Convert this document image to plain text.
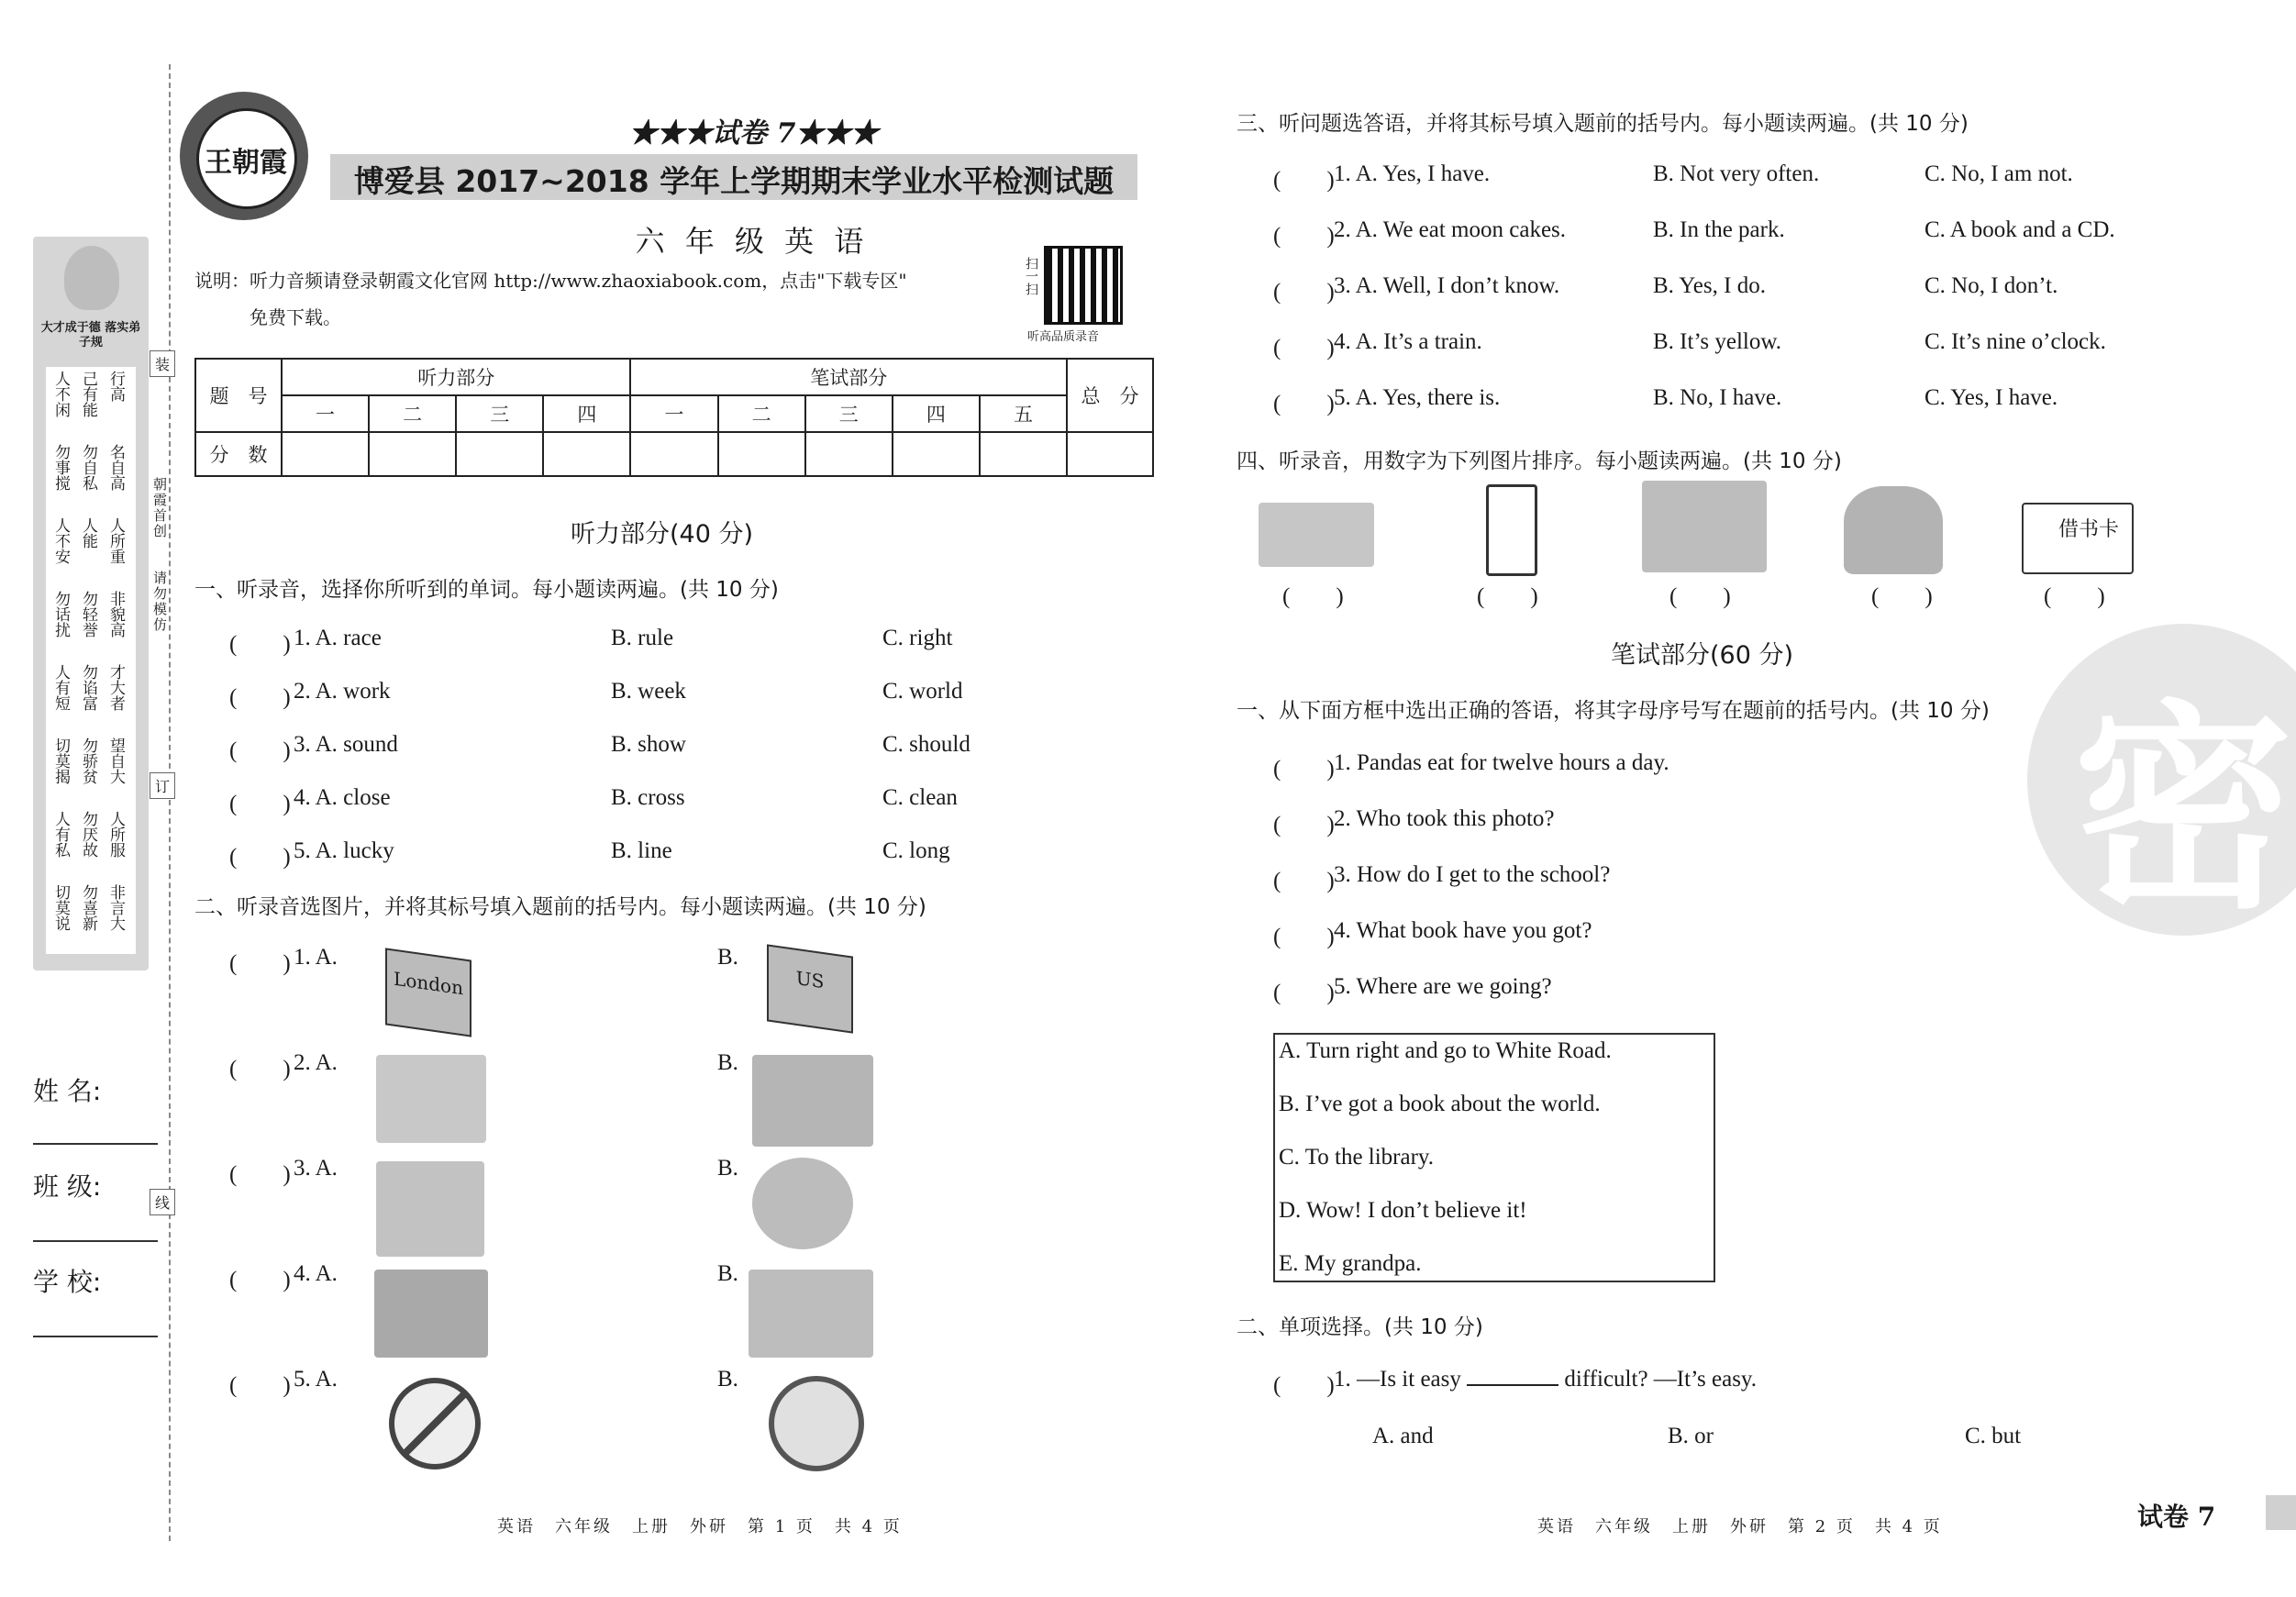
大才成于德 落实弟子规
人不闲 己有能 行高
勿事搅 勿自私 名自高
人不安 人能 人所重
勿话扰 勿轻誉 非貌高
人有短 勿谄富 才大者
切莫揭 勿骄贫 望自大
人有私 勿厌故 人所服
切莫说 勿喜新 非言大
装
订
线
朝霞首创
请勿模仿
姓 名:
班 级:
学 校:
王朝霞
★★★试卷 7★★★
博爱县 2017~2018 学年上学期期末学业水平检测试题
六 年 级 英 语
说明：听力音频请登录朝霞文化官网 http://www.zhaoxiabook.com，点击"下载专区"
免费下载。
扫一扫
听高品质录音
题　号	听力部分				笔试部分					总　分
	一	二	三	四	一	二	三	四	五	
分　数										
听力部分(40 分)
一、听录音，选择你所听到的单词。每小题读两遍。(共 10 分)
(　　) 1. A. race	B. rule	C. right
(　　) 2. A. work	B. week	C. world
(　　) 3. A. sound	B. show	C. should
(　　) 4. A. close	B. cross	C. clean
(　　) 5. A. lucky	B. line	C. long
二、听录音选图片，并将其标号填入题前的括号内。每小题读两遍。(共 10 分)
(　　) 1. A.	B.
(　　) 2. A.	B.
(　　) 3. A.	B.
(　　) 4. A.	B.
(　　) 5. A.	B.
London	US
三、听问题选答语，并将其标号填入题前的括号内。每小题读两遍。(共 10 分)
(　　) 1. A. Yes, I have.	B. Not very often.	C. No, I am not.
(　　) 2. A. We eat moon cakes.	B. In the park.	C. A book and a CD.
(　　) 3. A. Well, I don’t know.	B. Yes, I do.	C. No, I don’t.
(　　) 4. A. It’s a train.	B. It’s yellow.	C. It’s nine o’clock.
(　　) 5. A. Yes, there is.	B. No, I have.	C. Yes, I have.
四、听录音，用数字为下列图片排序。每小题读两遍。(共 10 分)
借书卡
(　　)	(　　)	(　　)	(　　)	(　　)
密
笔试部分(60 分)
一、从下面方框中选出正确的答语，将其字母序号写在题前的括号内。(共 10 分)
(　　) 1. Pandas eat for twelve hours a day.
(　　) 2. Who took this photo?
(　　) 3. How do I get to the school?
(　　) 4. What book have you got?
(　　) 5. Where are we going?
A. Turn right and go to White Road.
B. I’ve got a book about the world.
C. To the library.
D. Wow! I don’t believe it!
E. My grandpa.
二、单项选择。(共 10 分)
(　　) 1. —Is it easy	difficult? —It’s easy.
A. and	B. or	C. but
英语　六年级　上册　外研　第 1 页　共 4 页	英语　六年级　上册　外研　第 2 页　共 4 页	试卷 7
